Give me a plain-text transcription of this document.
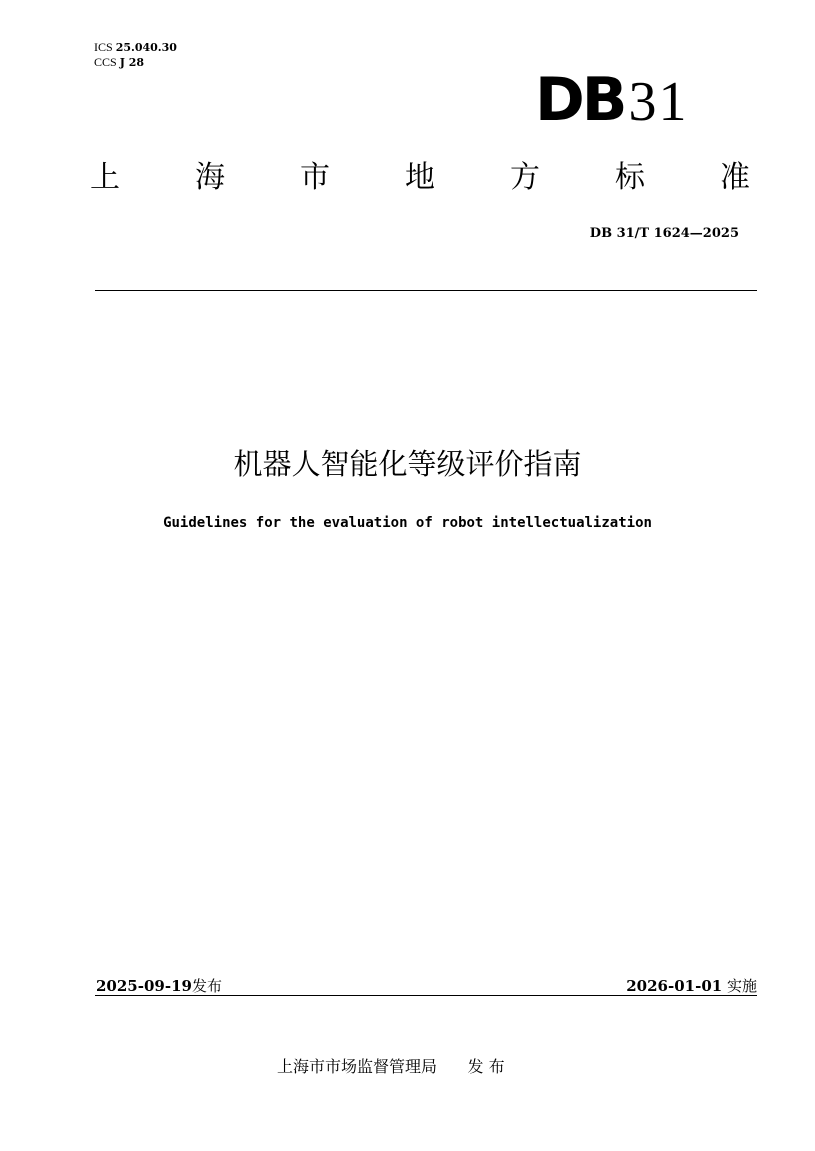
ICS 25.040.30
CCS J 28
DB31
上	海	市	地	方	标	准
DB 31/T 1624—2025
机器人智能化等级评价指南
Guidelines for the evaluation of robot intellectualization
2025-09-19发布	2026-01-01 实施
上海市市场监督管理局 发 布
